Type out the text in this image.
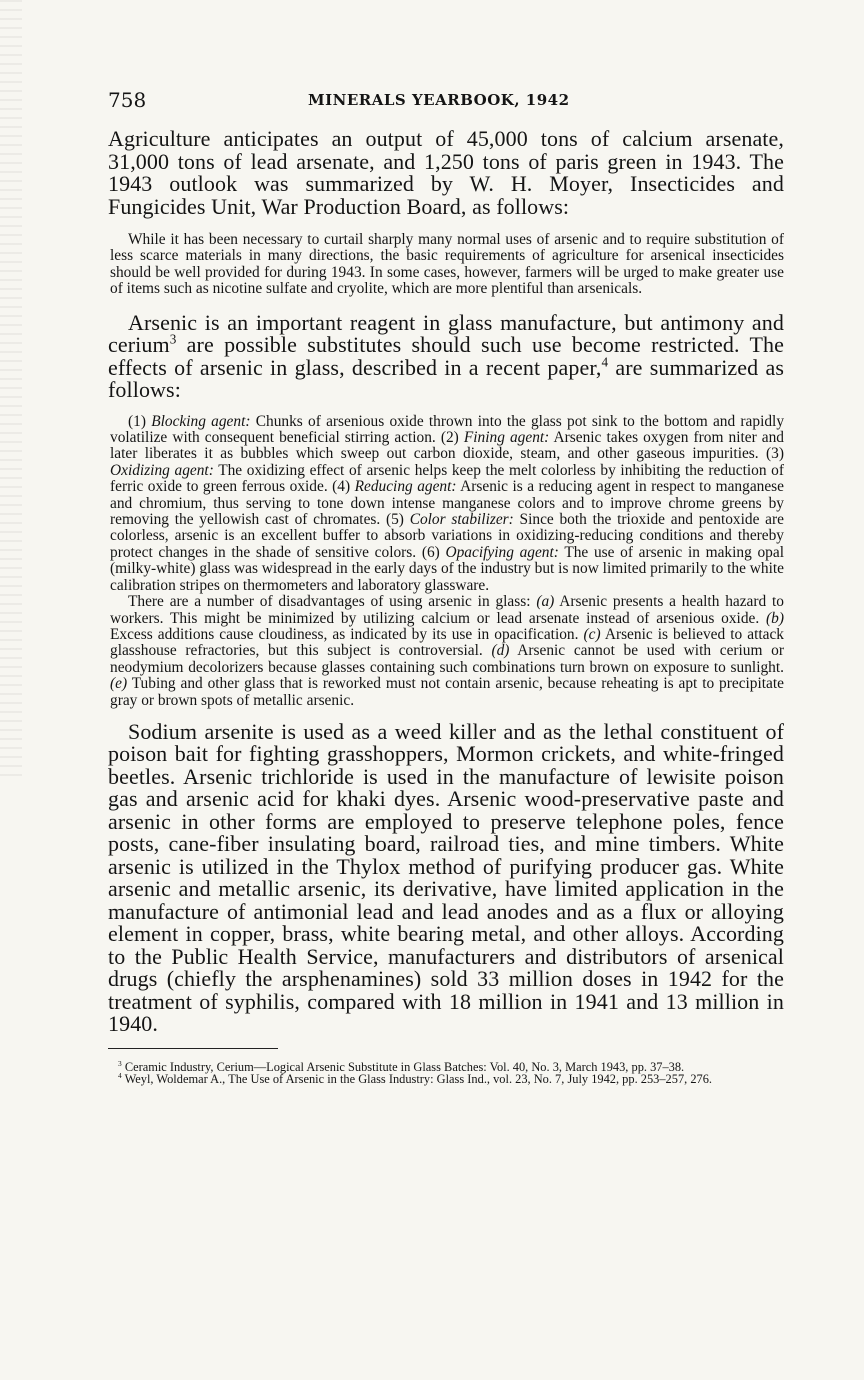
758	MINERALS YEARBOOK, 1942

Agriculture anticipates an output of 45,000 tons of calcium arsenate, 31,000 tons of lead arsenate, and 1,250 tons of paris green in 1943. The 1943 outlook was summarized by W. H. Moyer, Insecticides and Fungicides Unit, War Production Board, as follows:

While it has been necessary to curtail sharply many normal uses of arsenic and to require substitution of less scarce materials in many directions, the basic requirements of agriculture for arsenical insecticides should be well provided for during 1943. In some cases, however, farmers will be urged to make greater use of items such as nicotine sulfate and cryolite, which are more plentiful than arsenicals.

Arsenic is an important reagent in glass manufacture, but antimony and cerium$^3$ are possible substitutes should such use become restricted. The effects of arsenic in glass, described in a recent paper,$^4$ are summarized as follows:

(1) Blocking agent: Chunks of arsenious oxide thrown into the glass pot sink to the bottom and rapidly volatilize with consequent beneficial stirring action. (2) Fining agent: Arsenic takes oxygen from niter and later liberates it as bubbles which sweep out carbon dioxide, steam, and other gaseous impurities. (3) Oxidizing agent: The oxidizing effect of arsenic helps keep the melt colorless by inhibiting the reduction of ferric oxide to green ferrous oxide. (4) Reducing agent: Arsenic is a reducing agent in respect to manganese and chromium, thus serving to tone down intense manganese colors and to improve chrome greens by removing the yellowish cast of chromates. (5) Color stabilizer: Since both the trioxide and pentoxide are colorless, arsenic is an excellent buffer to absorb variations in oxidizing-reducing conditions and thereby protect changes in the shade of sensitive colors. (6) Opacifying agent: The use of arsenic in making opal (milky-white) glass was widespread in the early days of the industry but is now limited primarily to the white calibration stripes on thermometers and laboratory glassware.

There are a number of disadvantages of using arsenic in glass: (a) Arsenic presents a health hazard to workers. This might be minimized by utilizing calcium or lead arsenate instead of arsenious oxide. (b) Excess additions cause cloudiness, as indicated by its use in opacification. (c) Arsenic is believed to attack glasshouse refractories, but this subject is controversial. (d) Arsenic cannot be used with cerium or neodymium decolorizers because glasses containing such combinations turn brown on exposure to sunlight. (e) Tubing and other glass that is reworked must not contain arsenic, because reheating is apt to precipitate gray or brown spots of metallic arsenic.

Sodium arsenite is used as a weed killer and as the lethal constituent of poison bait for fighting grasshoppers, Mormon crickets, and white-fringed beetles. Arsenic trichloride is used in the manufacture of lewisite poison gas and arsenic acid for khaki dyes. Arsenic wood-preservative paste and arsenic in other forms are employed to preserve telephone poles, fence posts, cane-fiber insulating board, railroad ties, and mine timbers. White arsenic is utilized in the Thylox method of purifying producer gas. White arsenic and metallic arsenic, its derivative, have limited application in the manufacture of antimonial lead and lead anodes and as a flux or alloying element in copper, brass, white bearing metal, and other alloys. According to the Public Health Service, manufacturers and distributors of arsenical drugs (chiefly the arsphenamines) sold 33 million doses in 1942 for the treatment of syphilis, compared with 18 million in 1941 and 13 million in 1940.

$^3$ Ceramic Industry, Cerium—Logical Arsenic Substitute in Glass Batches: Vol. 40, No. 3, March 1943, pp. 37–38.

$^4$ Weyl, Woldemar A., The Use of Arsenic in the Glass Industry: Glass Ind., vol. 23, No. 7, July 1942, pp. 253–257, 276.
